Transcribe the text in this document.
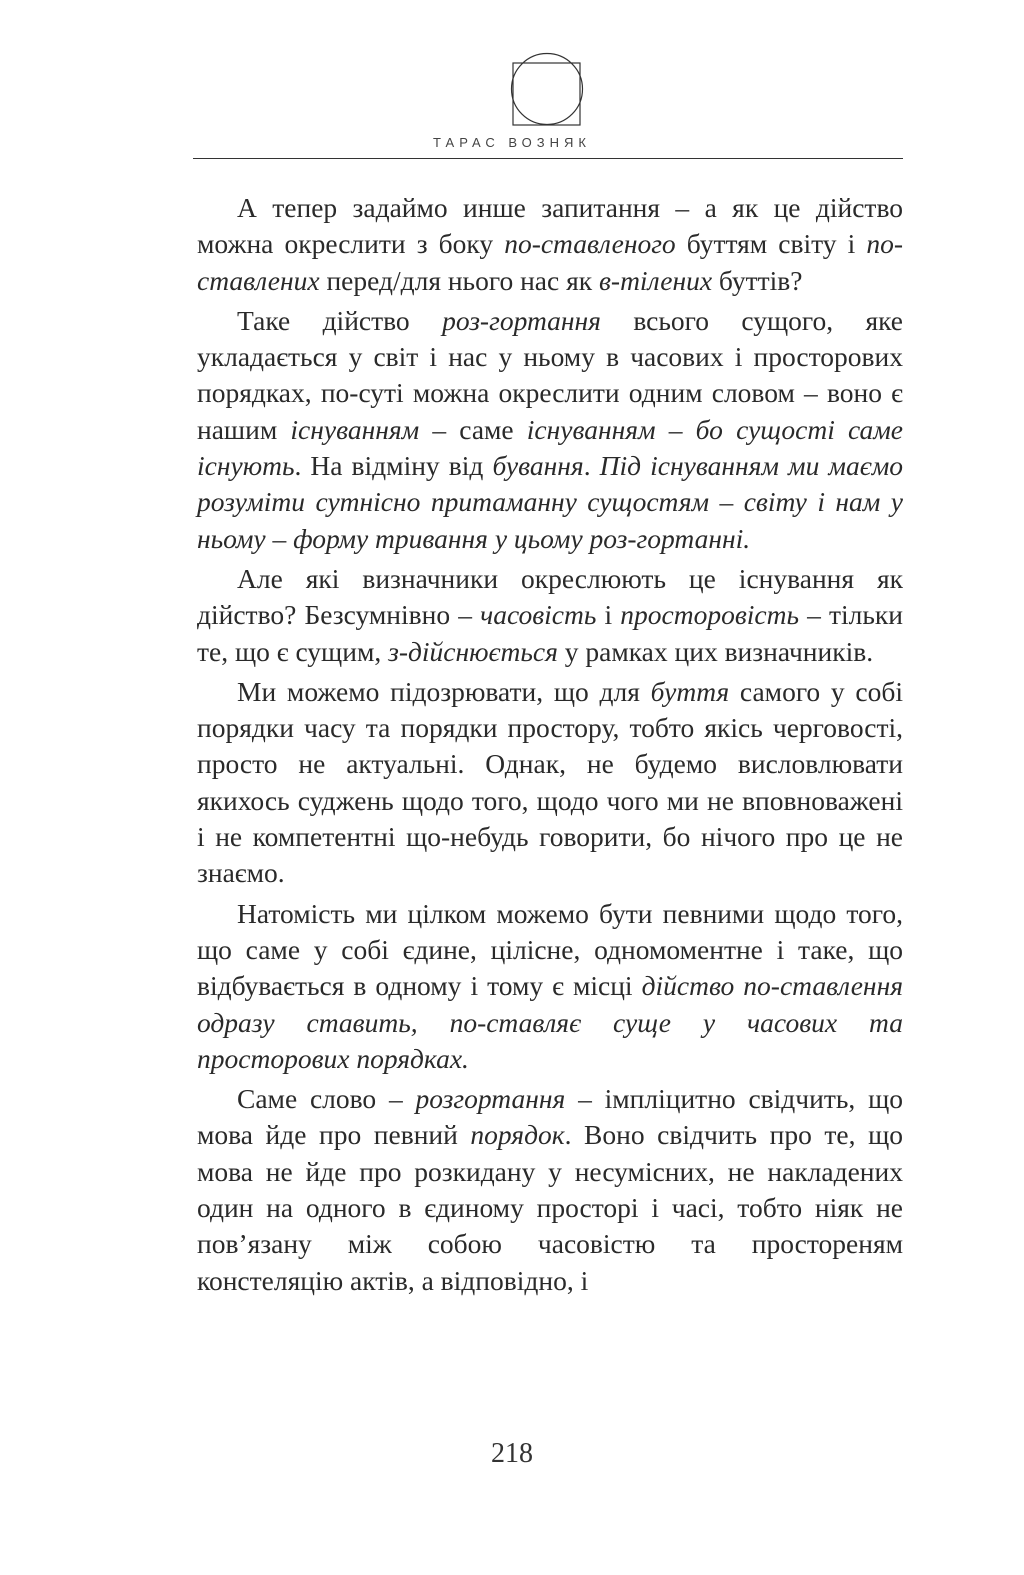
ТАРАС ВОЗНЯК

А тепер задаймо инше запитання – а як це дійство можна окреслити з боку по-ставленого буттям світу і по-ставлених перед/для нього нас як в-тілених буттів?

Таке дійство роз-гортання всього сущого, яке укладається у світ і нас у ньому в часових і просторових порядках, по-суті можна окреслити одним словом – воно є нашим існуванням – саме існуванням – бо сущості саме існують. На відміну від бування. Під існуванням ми маємо розуміти сутнісно притаманну сущостям – світу і нам у ньому – форму тривання у цьому роз-гортанні.

Але які визначники окреслюють це існування як дійство? Безсумнівно – часовість і просторовість – тільки те, що є сущим, з-дійснюється у рамках цих визначників.

Ми можемо підозрювати, що для буття самого у собі порядки часу та порядки простору, тобто якісь черговості, просто не актуальні. Однак, не будемо висловлювати якихось суджень щодо того, щодо чого ми не вповноважені і не компетентні що-небудь говорити, бо нічого про це не знаємо.

Натомість ми цілком можемо бути певними щодо того, що саме у собі єдине, цілісне, одномоментне і таке, що відбувається в одному і тому є місці дійство по-ставлення одразу ставить, по-ставляє суще у часових та просторових порядках.

Саме слово – розгортання – імпліцитно свідчить, що мова йде про певний порядок. Воно свідчить про те, що мова не йде про розкидану у несумісних, не накладених один на одного в єдиному просторі і часі, тобто ніяк не пов’язану між собою часовістю та простореням констеляцію актів, а відповідно, і

218
